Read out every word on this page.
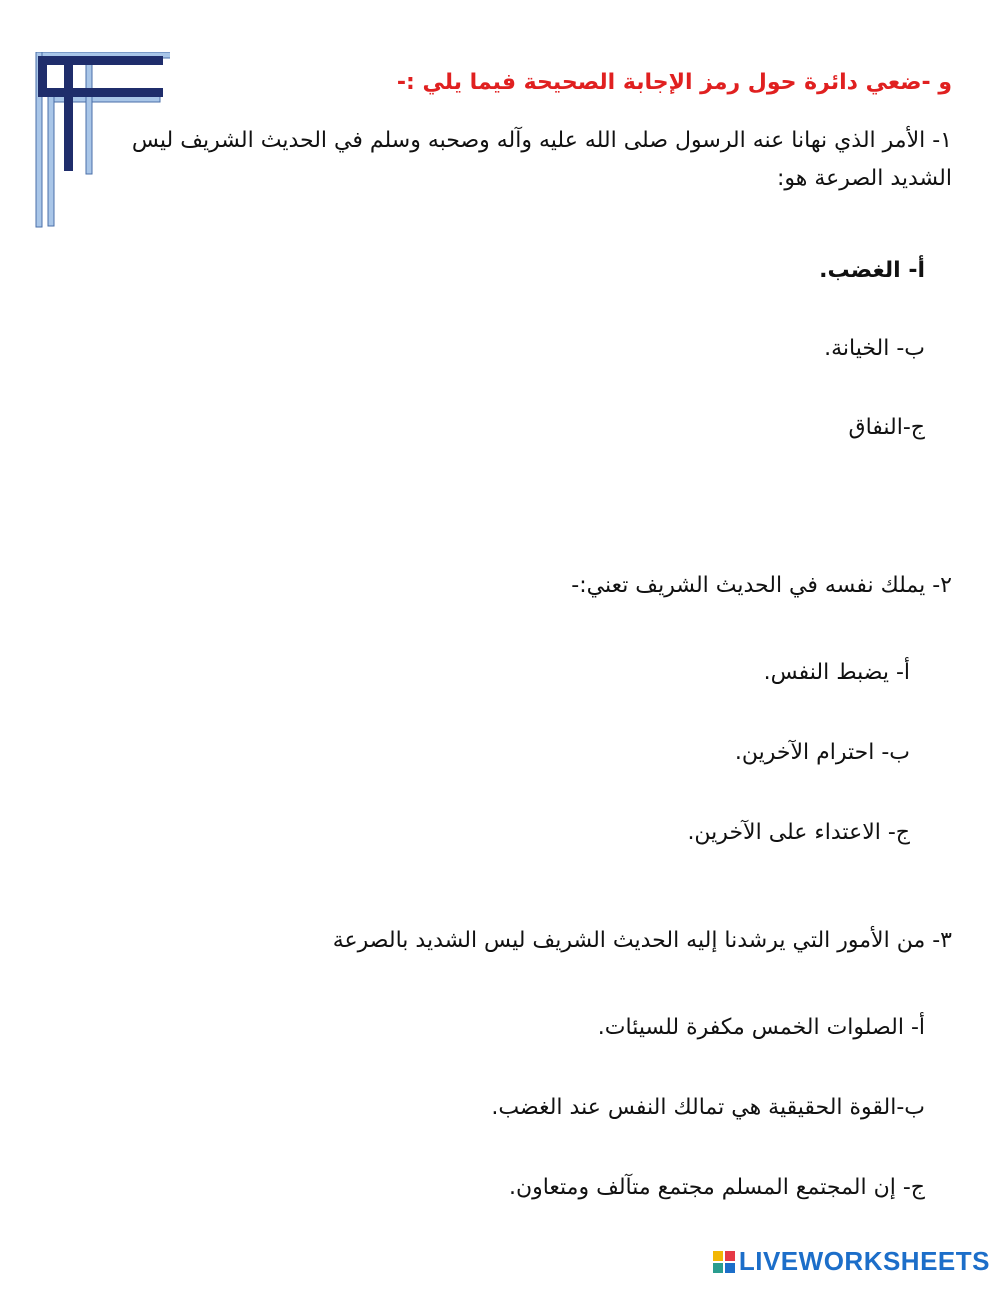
و -ضعي دائرة حول رمز الإجابة الصحيحة فيما يلي :-
١- الأمر الذي نهانا عنه الرسول صلى الله عليه وآله وصحبه وسلم في الحديث الشريف ليس الشديد الصرعة هو:
أ- الغضب.
ب- الخيانة.
ج-النفاق
٢- يملك نفسه في الحديث الشريف تعني:-
أ- يضبط النفس.
ب- احترام الآخرين.
ج- الاعتداء على الآخرين.
٣- من الأمور التي يرشدنا إليه الحديث الشريف ليس الشديد بالصرعة
أ- الصلوات الخمس مكفرة للسيئات.
ب-القوة الحقيقية هي تمالك النفس عند الغضب.
ج- إن المجتمع المسلم مجتمع متآلف ومتعاون.
LIVEWORKSHEETS
